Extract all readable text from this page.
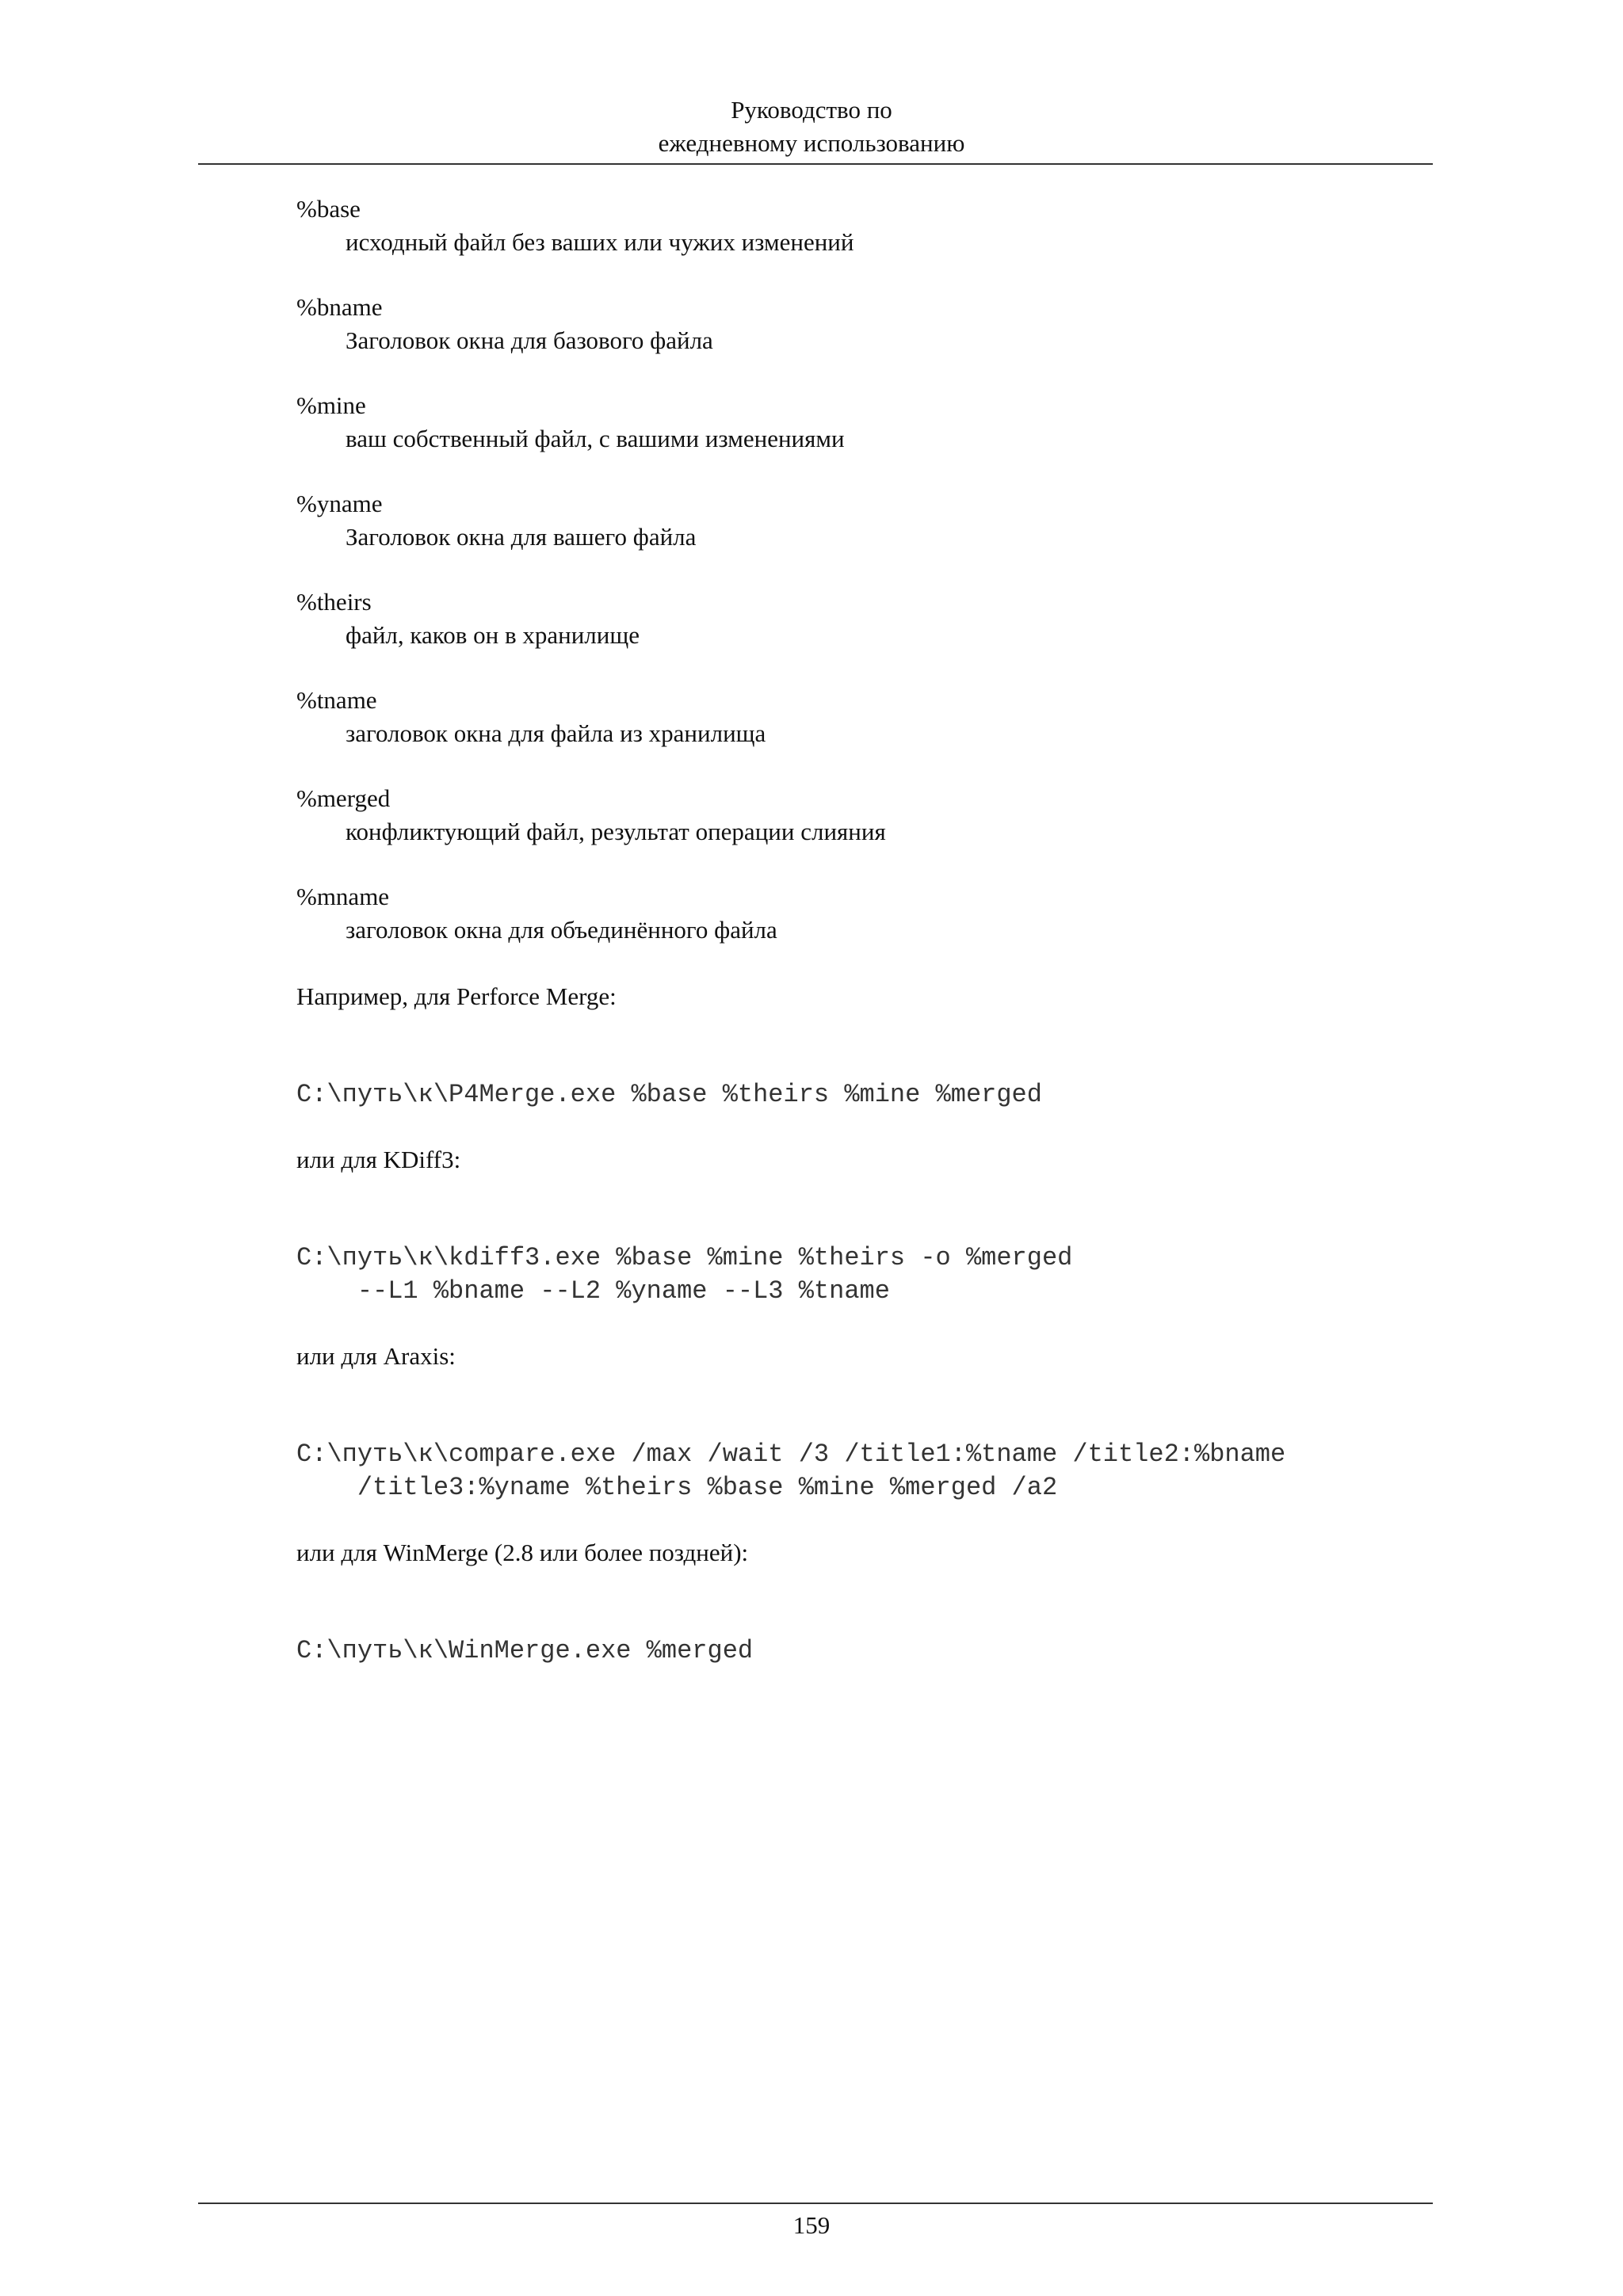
Руководство по
ежедневному использованию
%base
исходный файл без ваших или чужих изменений
%bname
Заголовок окна для базового файла
%mine
ваш собственный файл, с вашими изменениями
%yname
Заголовок окна для вашего файла
%theirs
файл, каков он в хранилище
%tname
заголовок окна для файла из хранилища
%merged
конфликтующий файл, результат операции слияния
%mname
заголовок окна для объединённого файла
Например, для Perforce Merge:
C:\путь\к\P4Merge.exe %base %theirs %mine %merged
или для KDiff3:
C:\путь\к\kdiff3.exe %base %mine %theirs -o %merged
--L1 %bname --L2 %yname --L3 %tname
или для Araxis:
C:\путь\к\compare.exe /max /wait /3 /title1:%tname /title2:%bname
/title3:%yname %theirs %base %mine %merged /a2
или для WinMerge (2.8 или более поздней):
C:\путь\к\WinMerge.exe %merged
159
